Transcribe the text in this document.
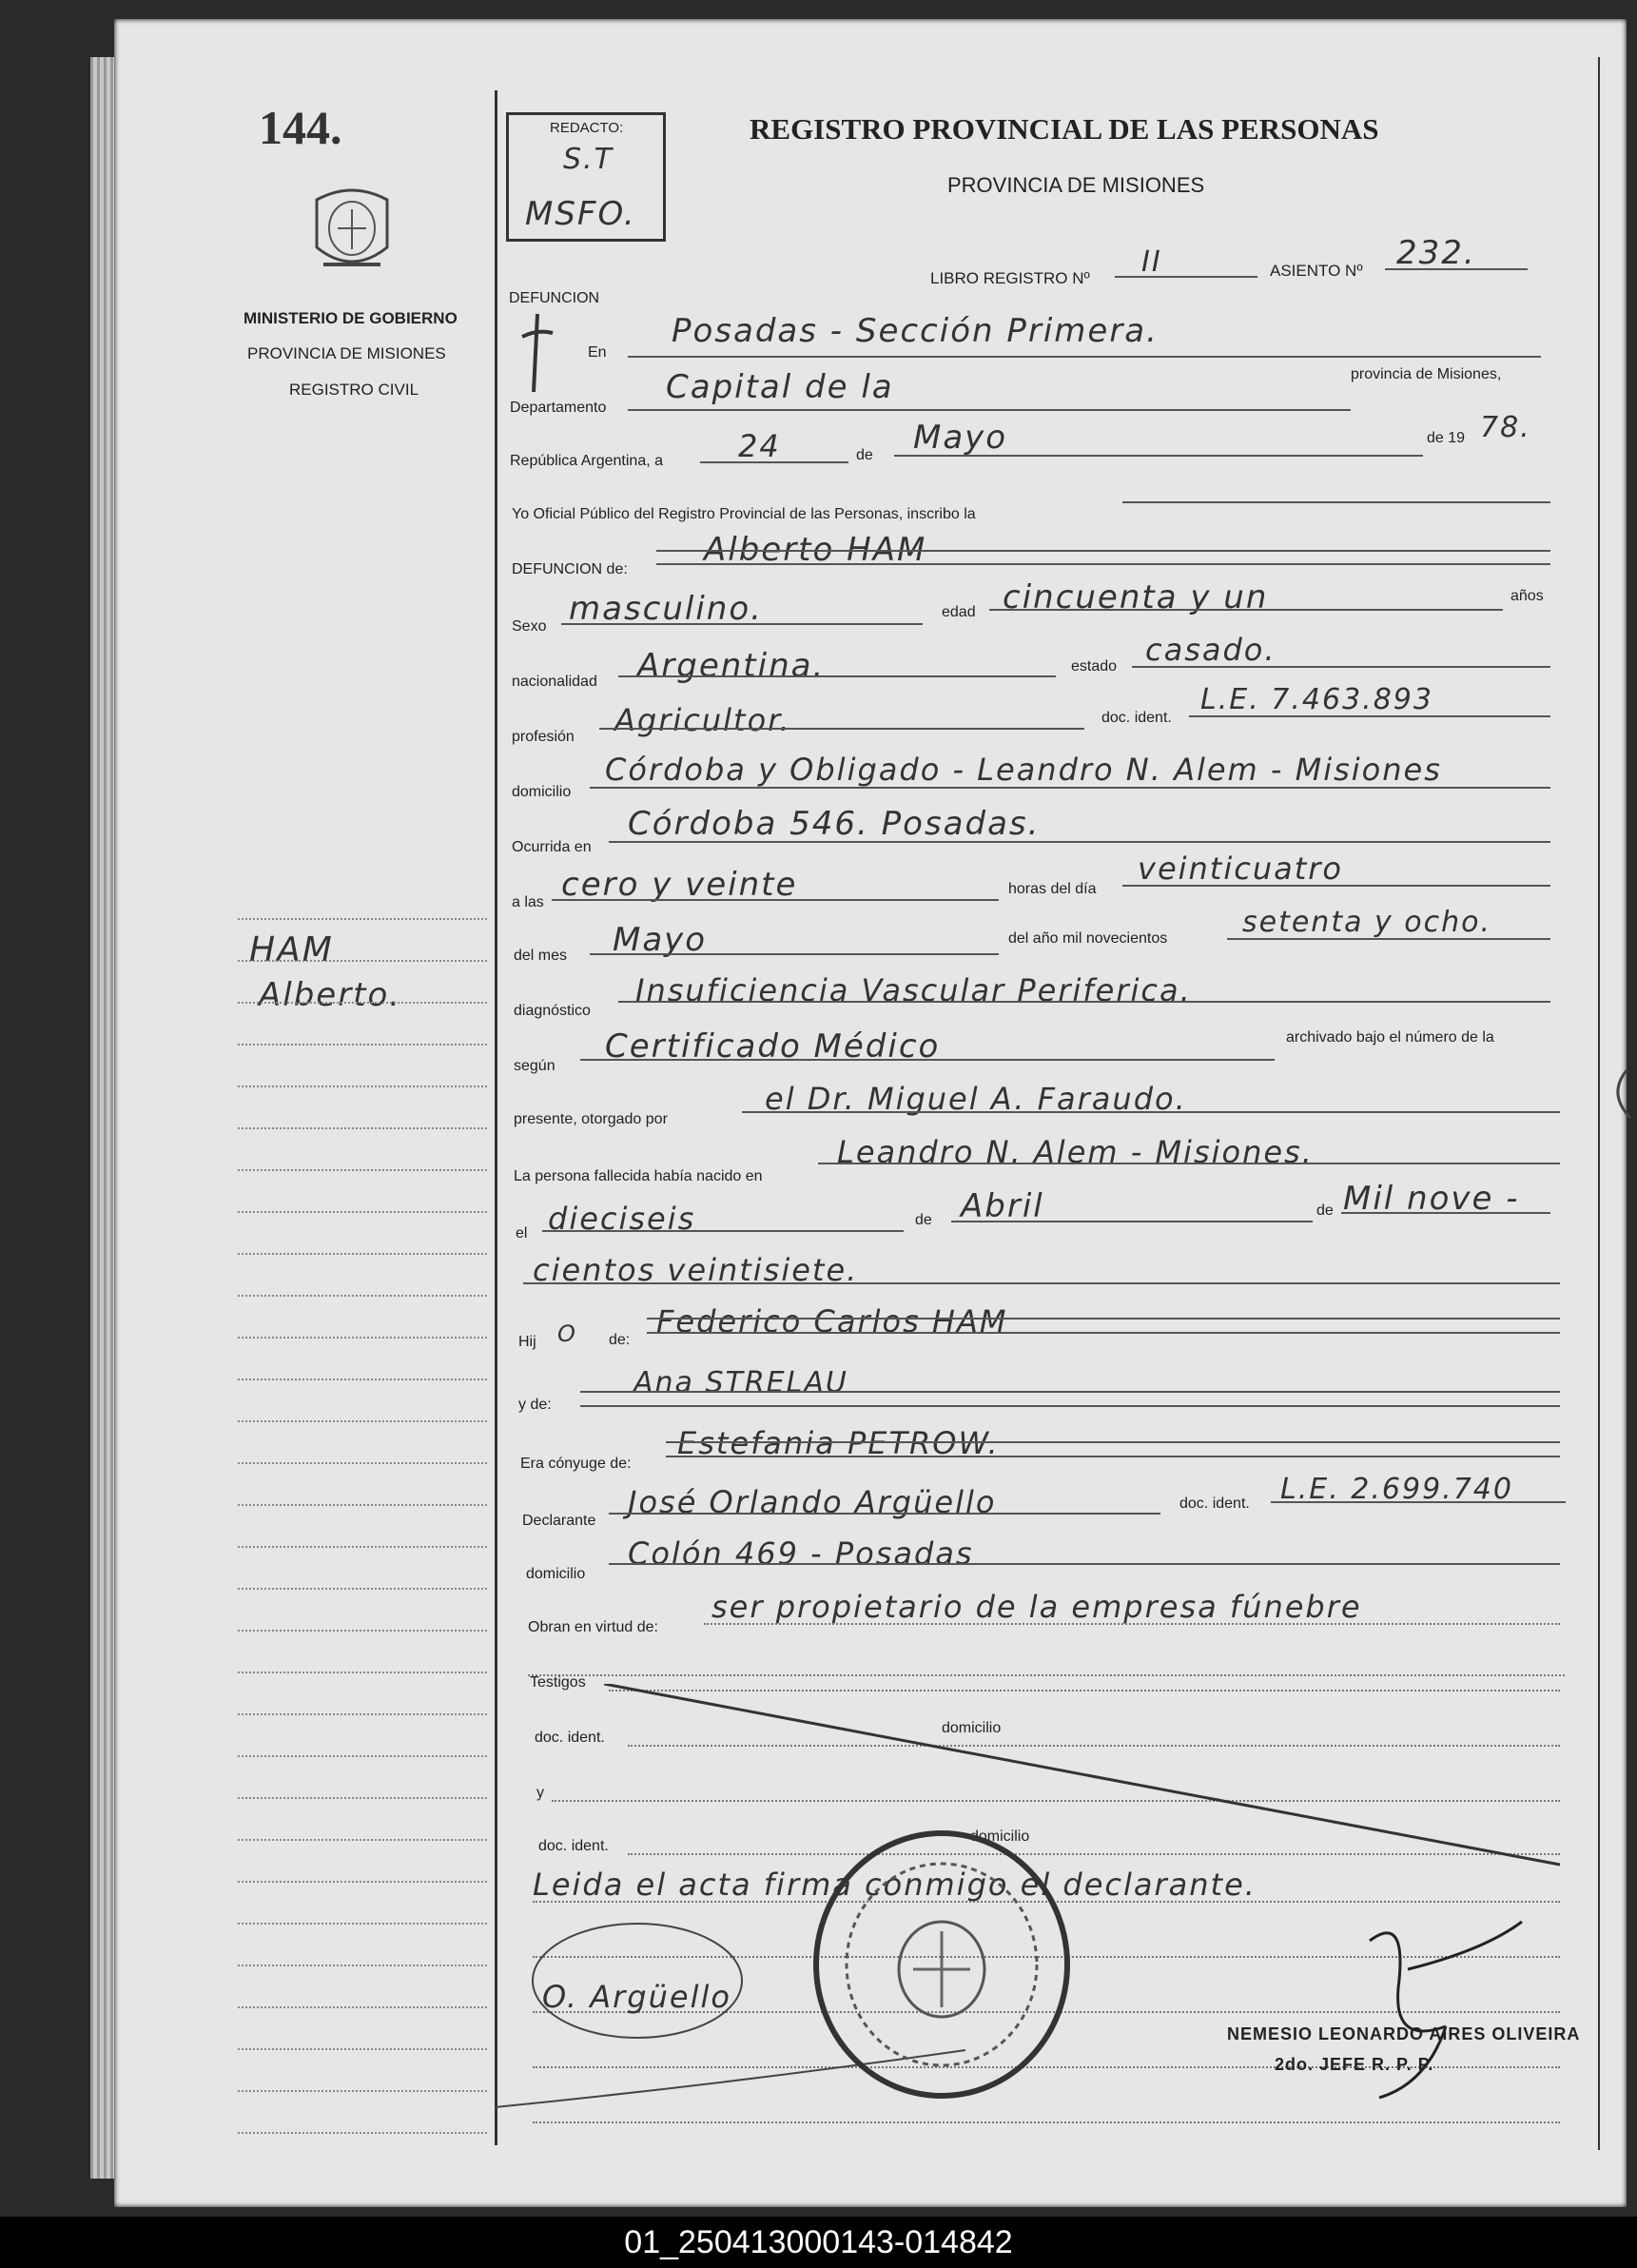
144.
MINISTERIO DE GOBIERNO
PROVINCIA DE MISIONES
REGISTRO CIVIL
HAM
Alberto.
REDACTO:
S.T
MSFO.
REGISTRO PROVINCIAL DE LAS PERSONAS
PROVINCIA DE MISIONES
LIBRO REGISTRO Nº II	ASIENTO Nº 232.
DEFUNCION
En
Posadas - Sección Primera.
Departamento
Capital de la	provincia de Misiones,
República Argentina, a 24	de Mayo	de 19 78.
Yo Oficial Público del Registro Provincial de las Personas, inscribo la
DEFUNCION de:
Alberto HAM
Sexo masculino.	edad cincuenta y un	años
nacionalidad Argentina.	estado casado.
profesión Agricultor.	doc. ident.
L.E. 7.463.893
domicilio
Córdoba y Obligado - Leandro N. Alem - Misiones
Ocurrida en
Córdoba 546. Posadas.
a las cero y veinte	horas del día
veinticuatro
del mes Mayo	del año mil novecientos	setenta y ocho.
diagnóstico
Insuficiencia Vascular Periferica.
según
Certificado Médico	archivado bajo el número de la
presente, otorgado por
el Dr. Miguel A. Faraudo.
La persona fallecida había nacido en
Leandro N. Alem - Misiones.
el dieciseis	de Abril	de Mil nove -
cientos veintisiete.
Hij O de:
Federico Carlos HAM
y de:
Ana STRELAU
Era cónyuge de:
Estefania PETROW.
Declarante
José Orlando Argüello	doc. ident. L.E. 2.699.740
domicilio
Colón 469 - Posadas
Obran en virtud de:
ser propietario de la empresa fúnebre
Testigos
doc. ident.
domicilio
y
doc. ident.
domicilio
Leida el acta firma conmigo el declarante.
O. Argüello
NEMESIO LEONARDO AIRES OLIVEIRA
2do. JEFE R. P. P.
01_250413000143-014842
